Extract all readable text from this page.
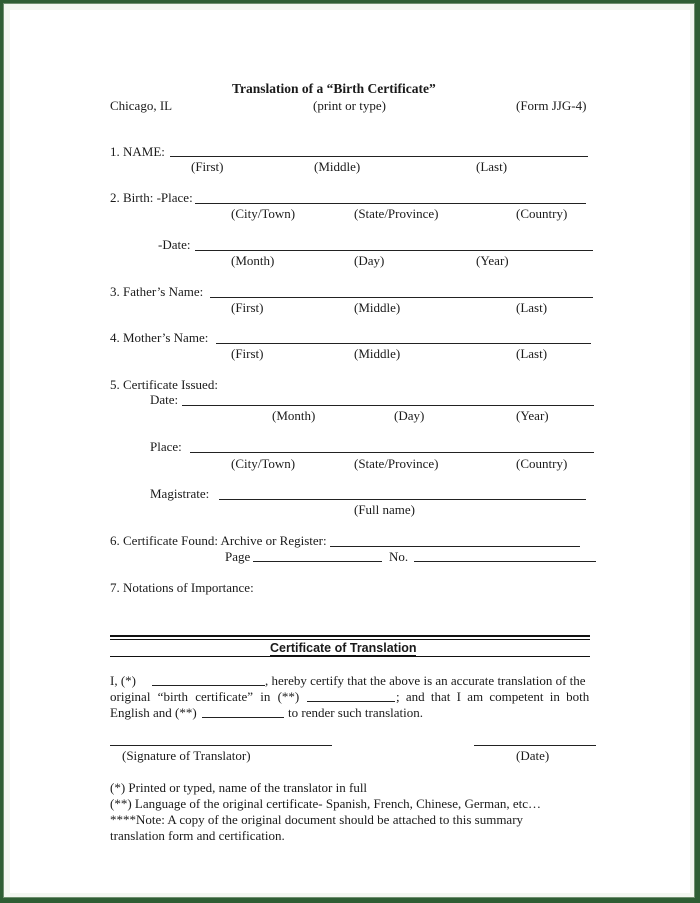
Translation of a “Birth Certificate”
Chicago, IL	(print or type)	(Form JJG-4)
1. NAME:
(First)	(Middle)	(Last)
2. Birth: -Place:
(City/Town)	(State/Province)	(Country)
-Date:
(Month)	(Day)	(Year)
3. Father’s Name:
(First)	(Middle)	(Last)
4. Mother’s Name:
(First)	(Middle)	(Last)
5. Certificate Issued:
Date:
(Month)	(Day)	(Year)
Place:
(City/Town)	(State/Province)	(Country)
Magistrate:
(Full name)
6. Certificate Found: Archive or Register:
Page	No.
7. Notations of Importance:
Certificate of Translation
I, (*)	, hereby certify that the above is an accurate translation of the
original “birth certificate” in (**)	; and that I am competent in both
English and (**)	to render such translation.
(Signature of Translator)	(Date)
(*) Printed or typed, name of the translator in full
(**) Language of the original certificate- Spanish, French, Chinese, German, etc…
****Note: A copy of the original document should be attached to this summary
translation form and certification.
